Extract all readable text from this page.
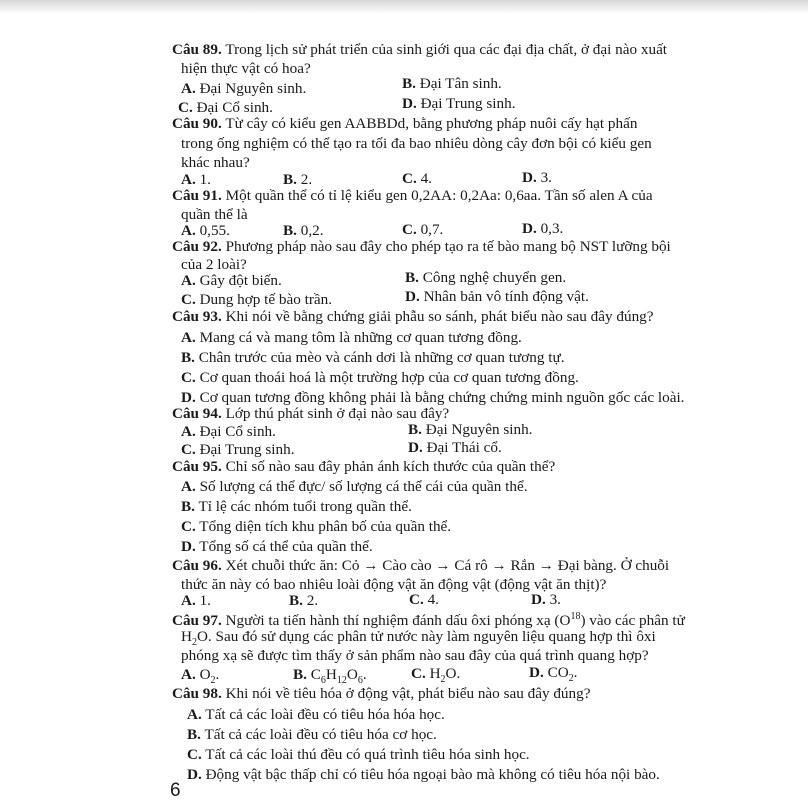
Câu 89. Trong lịch sử phát triển của sinh giới qua các đại địa chất, ở đại nào xuất
hiện thực vật có hoa?
A. Đại Nguyên sinh.	B. Đại Tân sinh.
C. Đại Cổ sinh.	D. Đại Trung sinh.
Câu 90. Từ cây có kiểu gen AABBDd, bằng phương pháp nuôi cấy hạt phấn
trong ống nghiệm có thể tạo ra tối đa bao nhiêu dòng cây đơn bội có kiểu gen
khác nhau?
A. 1.	B. 2.	C. 4.	D. 3.
Câu 91. Một quần thể có tỉ lệ kiểu gen 0,2AA: 0,2Aa: 0,6aa. Tần số alen A của
quần thể là
A. 0,55.	B. 0,2.	C. 0,7.	D. 0,3.
Câu 92. Phương pháp nào sau đây cho phép tạo ra tế bào mang bộ NST lưỡng bội
của 2 loài?
A. Gây đột biến.	B. Công nghệ chuyển gen.
C. Dung hợp tế bào trần.	D. Nhân bản vô tính động vật.
Câu 93. Khi nói về bằng chứng giải phẫu so sánh, phát biểu nào sau đây đúng?
A. Mang cá và mang tôm là những cơ quan tương đồng.
B. Chân trước của mèo và cánh dơi là những cơ quan tương tự.
C. Cơ quan thoái hoá là một trường hợp của cơ quan tương đồng.
D. Cơ quan tương đồng không phải là bằng chứng chứng minh nguồn gốc các loài.
Câu 94. Lớp thú phát sinh ở đại nào sau đây?
A. Đại Cổ sinh.	B. Đại Nguyên sinh.
C. Đại Trung sinh.	D. Đại Thái cổ.
Câu 95. Chỉ số nào sau đây phản ánh kích thước của quần thể?
A. Số lượng cá thể đực/ số lượng cá thể cái của quần thể.
B. Tỉ lệ các nhóm tuổi trong quần thể.
C. Tổng diện tích khu phân bố của quần thể.
D. Tổng số cá thể của quần thể.
Câu 96. Xét chuỗi thức ăn: Cỏ → Cào cào → Cá rô → Rắn → Đại bàng. Ở chuỗi
thức ăn này có bao nhiêu loài động vật ăn động vật (động vật ăn thịt)?
A. 1.	B. 2.	C. 4.	D. 3.
Câu 97. Người ta tiến hành thí nghiệm đánh dấu ôxi phóng xạ $(O^{18})$ vào các phân tử
$H_2O$. Sau đó sử dụng các phân tử nước này làm nguyên liệu quang hợp thì ôxi
phóng xạ sẽ được tìm thấy ở sản phẩm nào sau đây của quá trình quang hợp?
A. $O_2$.	B. $C_6H_{12}O_6$.	C. $H_2O$.	D. $CO_2$.
Câu 98. Khi nói về tiêu hóa ở động vật, phát biểu nào sau đây đúng?
A. Tất cả các loài đều có tiêu hóa hóa học.
B. Tất cả các loài đều có tiêu hóa cơ học.
C. Tất cả các loài thú đều có quá trình tiêu hóa sinh học.
D. Động vật bậc thấp chỉ có tiêu hóa ngoại bào mà không có tiêu hóa nội bào.
6
